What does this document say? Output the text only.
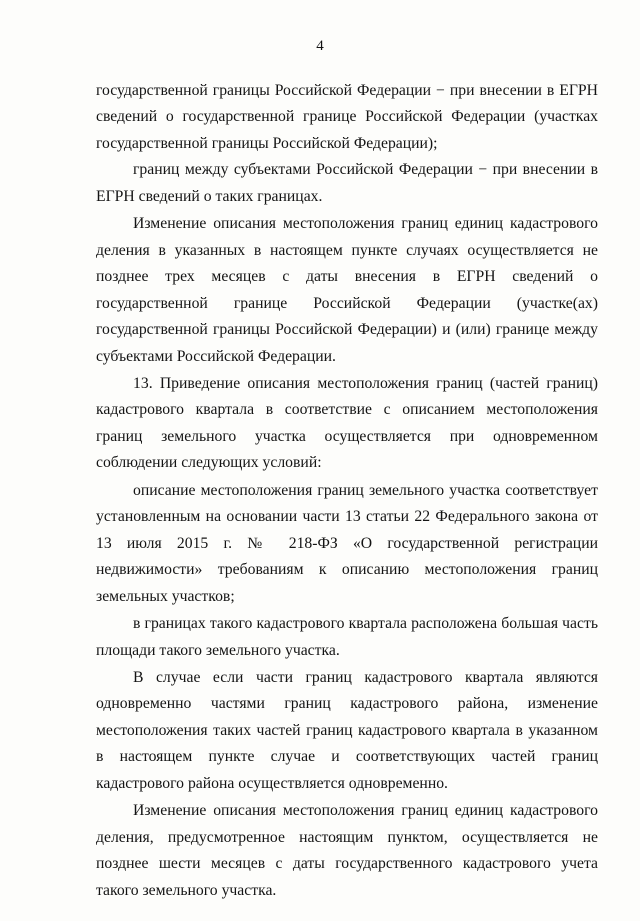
4

государственной границы Российской Федерации − при внесении в ЕГРН сведений о государственной границе Российской Федерации (участках государственной границы Российской Федерации);

границ между субъектами Российской Федерации − при внесении в ЕГРН сведений о таких границах.

Изменение описания местоположения границ единиц кадастрового деления в указанных в настоящем пункте случаях осуществляется не позднее трех месяцев с даты внесения в ЕГРН сведений о государственной границе Российской Федерации (участке(ах) государственной границы Российской Федерации) и (или) границе между субъектами Российской Федерации.

13. Приведение описания местоположения границ (частей границ) кадастрового квартала в соответствие с описанием местоположения границ земельного участка осуществляется при одновременном соблюдении следующих условий:

описание местоположения границ земельного участка соответствует установленным на основании части 13 статьи 22 Федерального закона от 13 июля 2015 г. № 218-ФЗ «О государственной регистрации недвижимости» требованиям к описанию местоположения границ земельных участков;

в границах такого кадастрового квартала расположена большая часть площади такого земельного участка.

В случае если части границ кадастрового квартала являются одновременно частями границ кадастрового района, изменение местоположения таких частей границ кадастрового квартала в указанном в настоящем пункте случае и соответствующих частей границ кадастрового района осуществляется одновременно.

Изменение описания местоположения границ единиц кадастрового деления, предусмотренное настоящим пунктом, осуществляется не позднее шести месяцев с даты государственного кадастрового учета такого земельного участка.
